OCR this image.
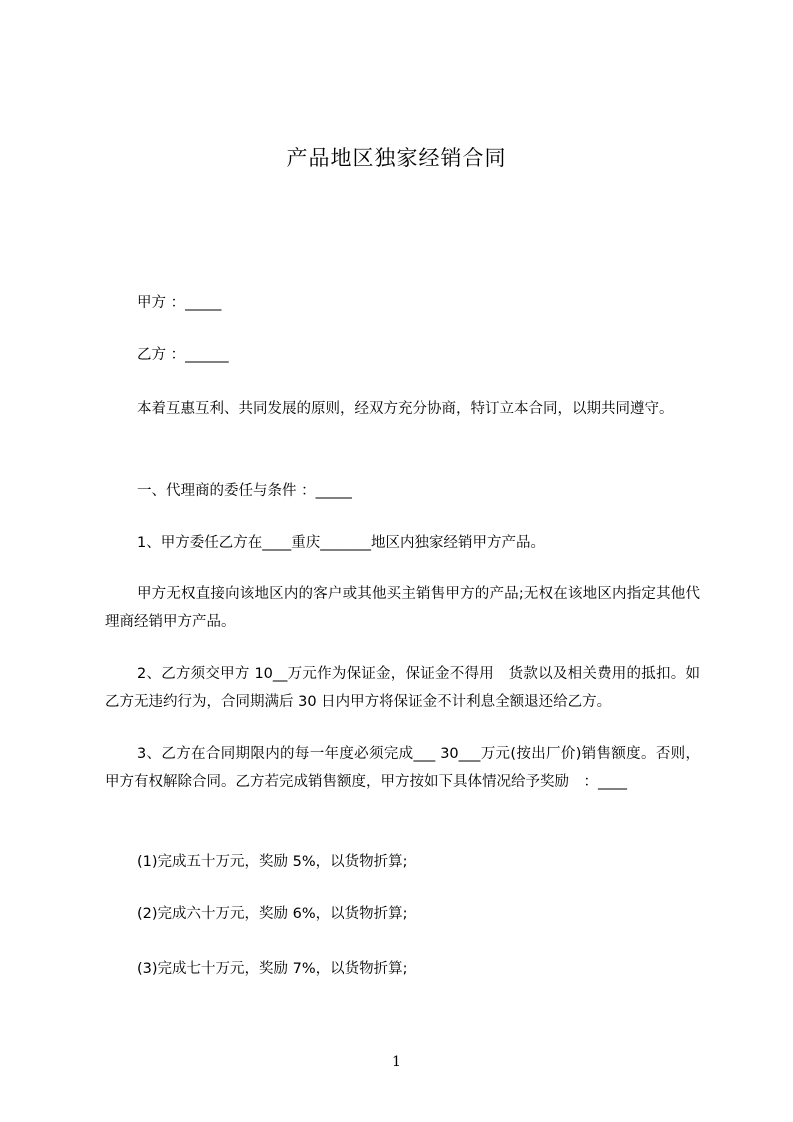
产品地区独家经销合同

甲方 ：_____

乙方 ：______

本着互惠互利、共同发展的原则，经双方充分协商，特订立本合同，以期共同遵守。

一、代理商的委任与条件 ：_____

1、甲方委任乙方在____重庆_______地区内独家经销甲方产品。

甲方无权直接向该地区内的客户或其他买主销售甲方的产品;无权在该地区内指定其他代理商经销甲方产品。

2、乙方须交甲方 10__万元作为保证金，保证金不得用　货款以及相关费用的抵扣。如乙方无违约行为，合同期满后 30 日内甲方将保证金不计利息全额退还给乙方。

3、乙方在合同期限内的每一年度必须完成___ 30___万元(按出厂价)销售额度。否则，甲方有权解除合同。乙方若完成销售额度，甲方按如下具体情况给予奖励　：____

(1)完成五十万元，奖励 5%，以货物折算;

(2)完成六十万元，奖励 6%，以货物折算;

(3)完成七十万元，奖励 7%，以货物折算;

1
